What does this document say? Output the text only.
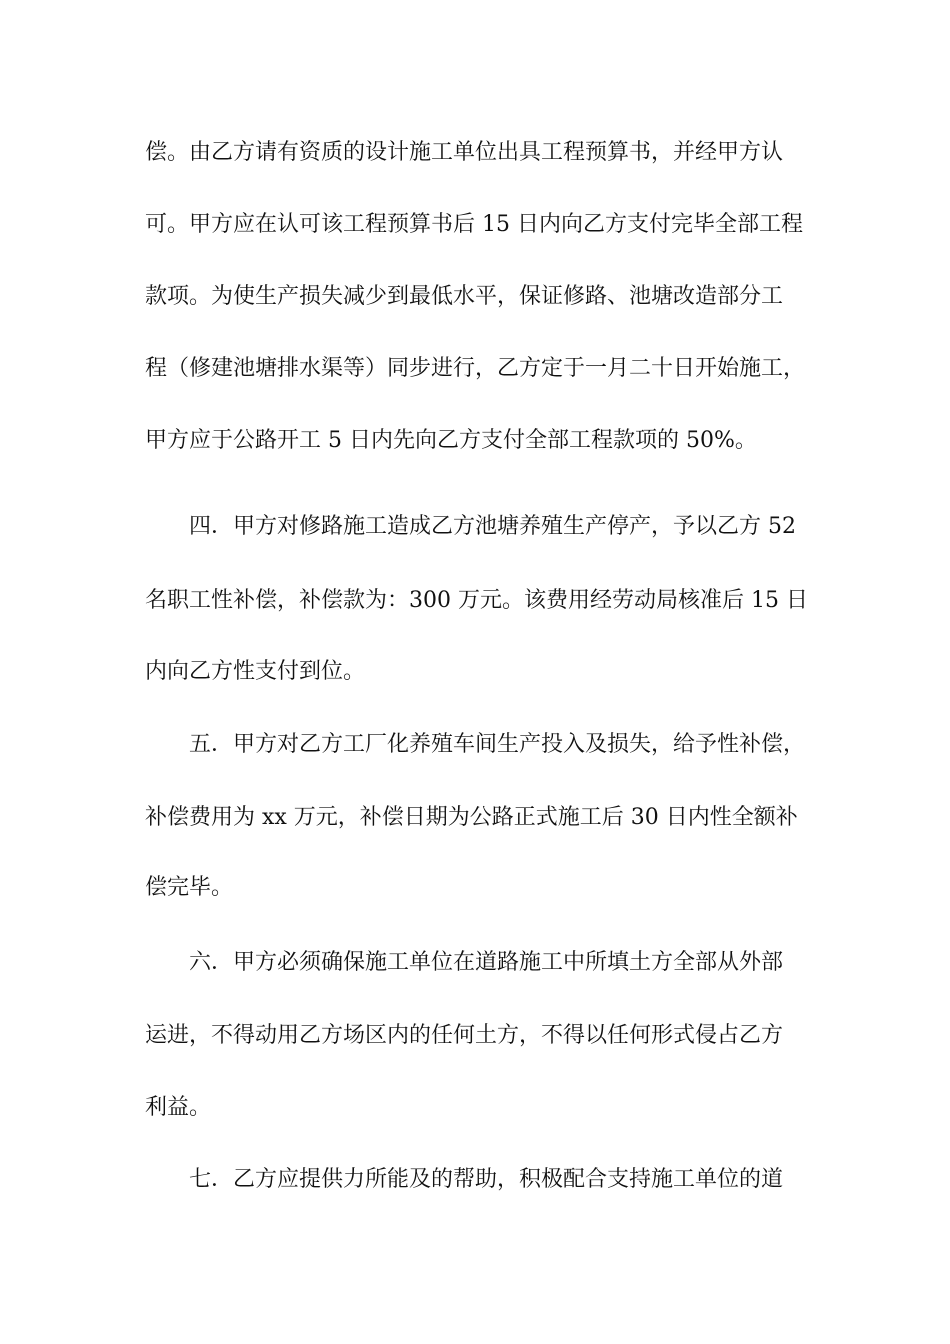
偿。由乙方请有资质的设计施工单位出具工程预算书，并经甲方认
可。甲方应在认可该工程预算书后 15 日内向乙方支付完毕全部工程
款项。为使生产损失减少到最低水平，保证修路、池塘改造部分工
程（修建池塘排水渠等）同步进行，乙方定于一月二十日开始施工，
甲方应于公路开工 5 日内先向乙方支付全部工程款项的 50%。
四．甲方对修路施工造成乙方池塘养殖生产停产，予以乙方 52
名职工性补偿，补偿款为：300 万元。该费用经劳动局核准后 15 日
内向乙方性支付到位。
五．甲方对乙方工厂化养殖车间生产投入及损失，给予性补偿，
补偿费用为 xx 万元，补偿日期为公路正式施工后 30 日内性全额补
偿完毕。
六．甲方必须确保施工单位在道路施工中所填土方全部从外部
运进，不得动用乙方场区内的任何土方，不得以任何形式侵占乙方
利益。
七．乙方应提供力所能及的帮助，积极配合支持施工单位的道
